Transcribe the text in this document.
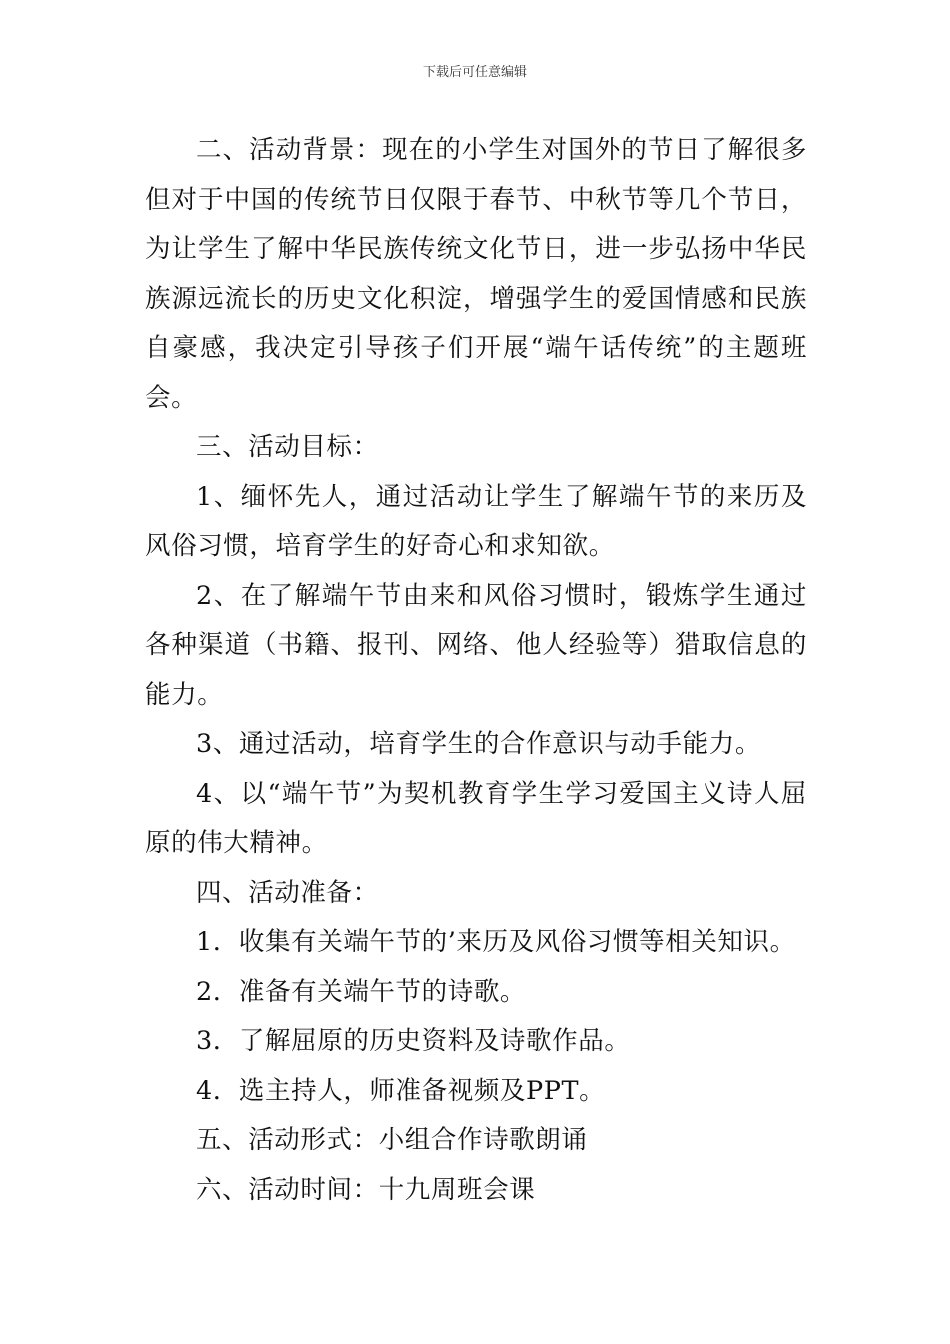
下载后可任意编辑

二、活动背景：现在的小学生对国外的节日了解很多但对于中国的传统节日仅限于春节、中秋节等几个节日，为让学生了解中华民族传统文化节日，进一步弘扬中华民族源远流长的历史文化积淀，增强学生的爱国情感和民族自豪感，我决定引导孩子们开展“端午话传统”的主题班会。

三、活动目标：

1、缅怀先人，通过活动让学生了解端午节的来历及风俗习惯，培育学生的好奇心和求知欲。

2、在了解端午节由来和风俗习惯时，锻炼学生通过各种渠道（书籍、报刊、网络、他人经验等）猎取信息的能力。

3、通过活动，培育学生的合作意识与动手能力。

4、以“端午节”为契机教育学生学习爱国主义诗人屈原的伟大精神。

四、活动准备：

1．收集有关端午节的’来历及风俗习惯等相关知识。

2．准备有关端午节的诗歌。

3．了解屈原的历史资料及诗歌作品。

4．选主持人，师准备视频及PPT。

五、活动形式：小组合作诗歌朗诵

六、活动时间：十九周班会课
